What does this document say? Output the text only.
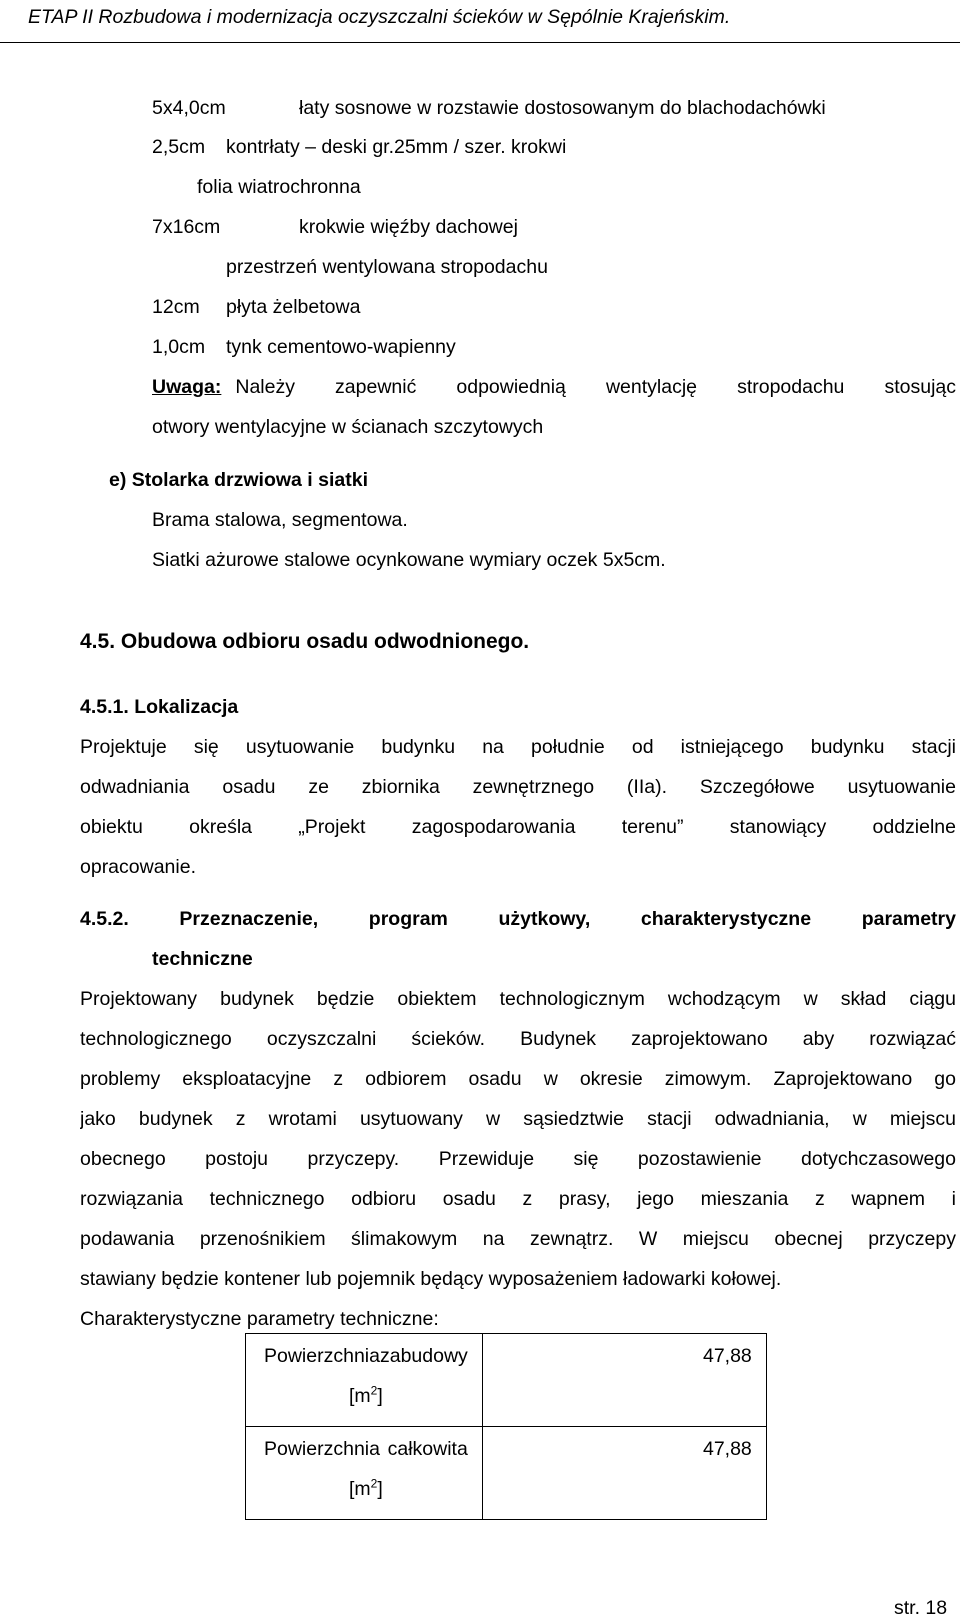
ETAP II Rozbudowa i modernizacja oczyszczalni ścieków w Sępólnie Krajeńskim.
5x4,0cm	łaty sosnowe w rozstawie dostosowanym do blachodachówki
2,5cm kontrłaty – deski gr.25mm / szer. krokwi
folia wiatrochronna
7x16cm	krokwie więźby dachowej
przestrzeń wentylowana stropodachu
12cm płyta żelbetowa
1,0cm tynk cementowo-wapienny
Uwaga: Należy zapewnić odpowiednią wentylację stropodachu stosując
otwory wentylacyjne w ścianach szczytowych
e) Stolarka drzwiowa i siatki
Brama stalowa, segmentowa.
Siatki ażurowe stalowe ocynkowane wymiary oczek 5x5cm.
4.5. Obudowa odbioru osadu odwodnionego.
4.5.1. Lokalizacja
Projektuje się usytuowanie budynku na południe od istniejącego budynku stacji
odwadniania osadu ze zbiornika zewnętrznego (IIa). Szczegółowe usytuowanie
obiektu określa „Projekt zagospodarowania terenu” stanowiący oddzielne
opracowanie.
4.5.2. Przeznaczenie, program użytkowy, charakterystyczne parametry
techniczne
Projektowany budynek będzie obiektem technologicznym wchodzącym w skład ciągu
technologicznego oczyszczalni ścieków. Budynek zaprojektowano aby rozwiązać
problemy eksploatacyjne z odbiorem osadu w okresie zimowym. Zaprojektowano go
jako budynek z wrotami usytuowany w sąsiedztwie stacji odwadniania, w miejscu
obecnego postoju przyczepy. Przewiduje się pozostawienie dotychczasowego
rozwiązania technicznego odbioru osadu z prasy, jego mieszania z wapnem i
podawania przenośnikiem ślimakowym na zewnątrz. W miejscu obecnej przyczepy
stawiany będzie kontener lub pojemnik będący wyposażeniem ładowarki kołowej.
Charakterystyczne parametry techniczne:
Powierzchnia zabudowy
$[m^2]$	47,88

Powierzchnia całkowita
$[m^2]$	47,88
str. 18
